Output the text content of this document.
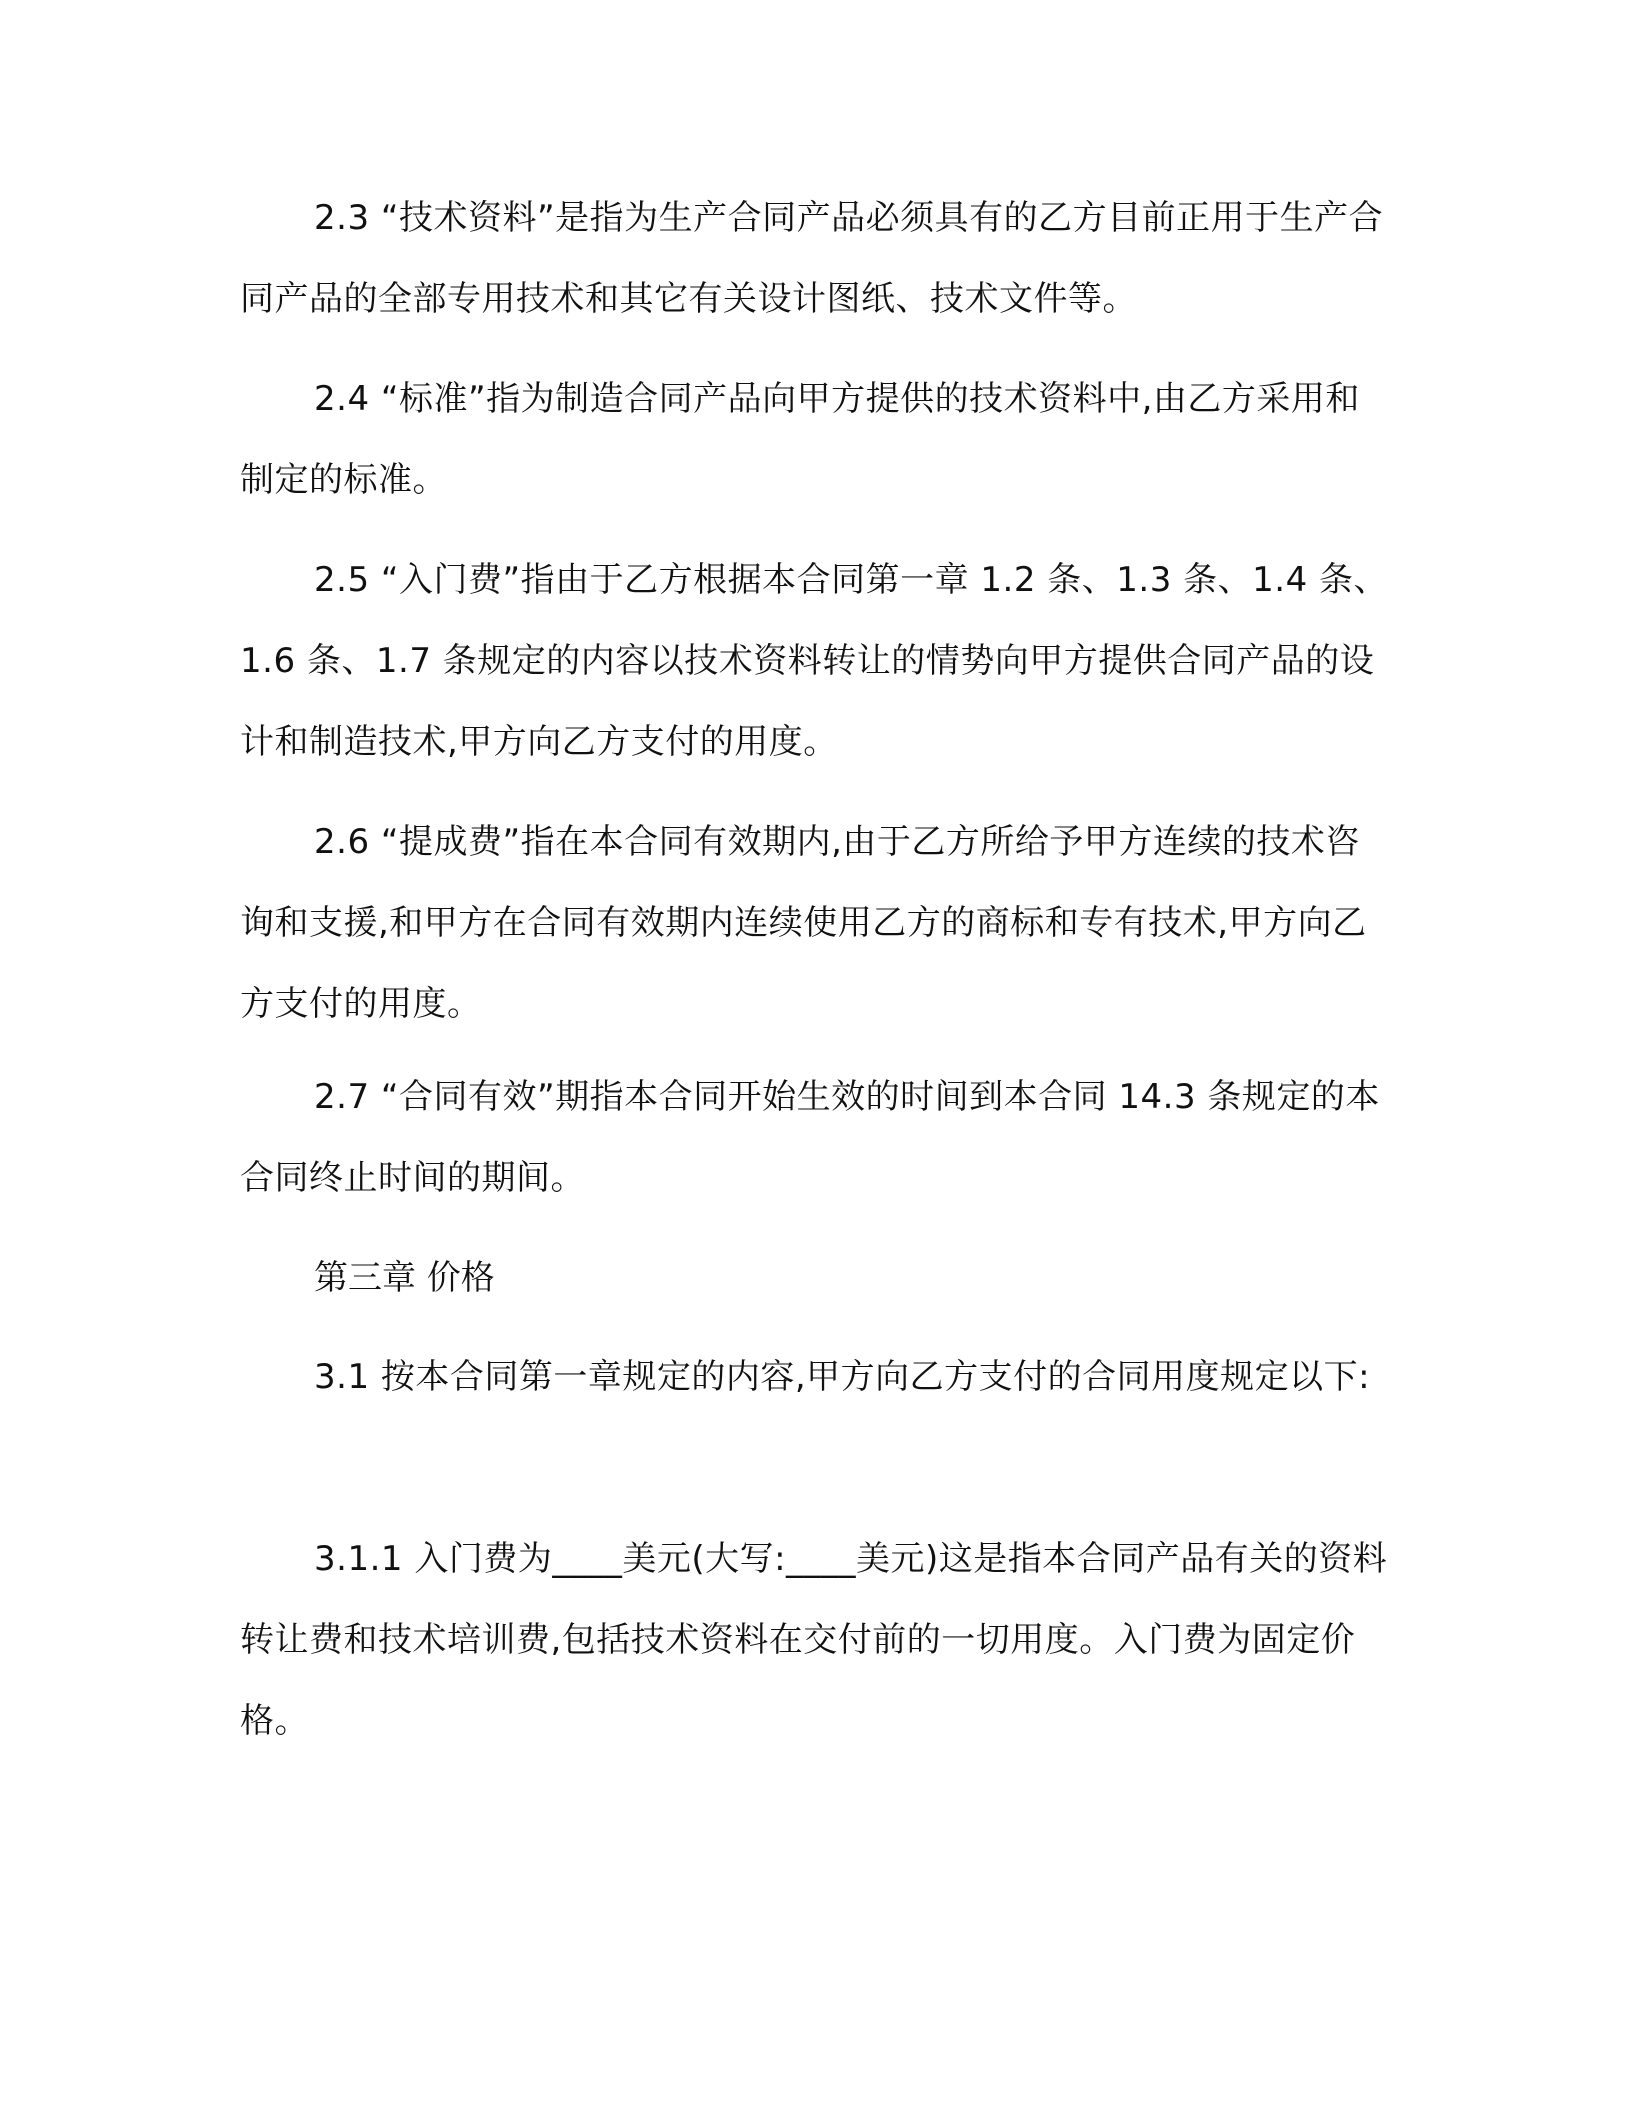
2.3 “技术资料”是指为生产合同产品必须具有的乙方目前正用于生产合同产品的全部专用技术和其它有关设计图纸、技术文件等。

2.4 “标准”指为制造合同产品向甲方提供的技术资料中,由乙方采用和制定的标准。

2.5 “入门费”指由于乙方根据本合同第一章 1.2 条、1.3 条、1.4 条、1.6 条、1.7 条规定的内容以技术资料转让的情势向甲方提供合同产品的设计和制造技术,甲方向乙方支付的用度。

2.6 “提成费”指在本合同有效期内,由于乙方所给予甲方连续的技术咨询和支援,和甲方在合同有效期内连续使用乙方的商标和专有技术,甲方向乙方支付的用度。

2.7 “合同有效”期指本合同开始生效的时间到本合同 14.3 条规定的本合同终止时间的期间。

第三章 价格

3.1 按本合同第一章规定的内容,甲方向乙方支付的合同用度规定以下:

3.1.1 入门费为____美元(大写:____美元)这是指本合同产品有关的资料转让费和技术培训费,包括技术资料在交付前的一切用度。入门费为固定价格。
